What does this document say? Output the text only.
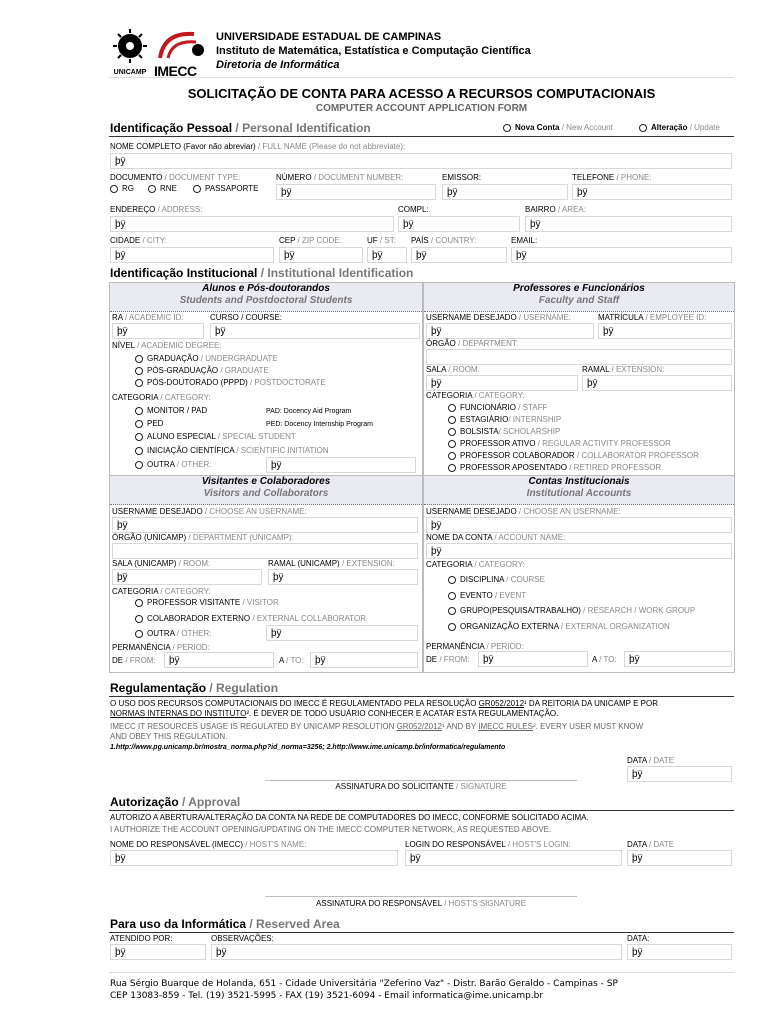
UNICAMP IMECC
UNIVERSIDADE ESTADUAL DE CAMPINAS
Instituto de Matemática, Estatística e Computação Científica
Diretoria de Informática
SOLICITAÇÃO DE CONTA PARA ACESSO A RECURSOS COMPUTACIONAIS
COMPUTER ACCOUNT APPLICATION FORM
Identificação Pessoal / Personal Identification	Nova Conta / New Account	Alteração / Update
NOME COMPLETO (Favor não abreviar) / FULL NAME (Please do not abbreviate):
þÿ
DOCUMENTO / DOCUMENT TYPE:
RG	RNE	PASSAPORTE
NÚMERO / DOCUMENT NUMBER:
þÿ
EMISSOR:
þÿ
TELEFONE / PHONE:
þÿ
ENDEREÇO / ADDRESS:
þÿ
COMPL:
þÿ
BAIRRO / AREA:
þÿ
CIDADE / CITY:
þÿ
CEP / ZIP CODE:
þÿ
UF / ST:
þÿ
PAÍS / COUNTRY:
þÿ
EMAIL:
þÿ
Identificação Institucional / Institutional Identification
Alunos e Pós-doutorandos
Students and Postdoctoral Students
RA / ACADEMIC ID:
þÿ
CURSO / COURSE:
þÿ
NÍVEL / ACADEMIC DEGREE:
GRADUAÇÃO / UNDERGRADUATE
PÓS-GRADUAÇÃO / GRADUATE
PÓS-DOUTORADO (PPPD) / POSTDOCTORATE
CATEGORIA / CATEGORY:
MONITOR / PAD	PAD: Docency Aid Program
PED	PED: Docency Internship Program
ALUNO ESPECIAL / SPECIAL STUDENT
INICIAÇÃO CIENTÍFICA / SCIENTIFIC INITIATION
OUTRA / OTHER:	þÿ
Professores e Funcionários
Faculty and Staff
USERNAME DESEJADO / USERNAME:
þÿ
MATRÍCULA / EMPLOYEE ID:
þÿ
ÓRGÃO / DEPARTMENT:
SALA / ROOM:
þÿ
RAMAL / EXTENSION:
þÿ
CATEGORIA / CATEGORY:
FUNCIONÁRIO / STAFF
ESTAGIÁRIO/ INTERNSHIP
BOLSISTA/ SCHOLARSHIP
PROFESSOR ATIVO / REGULAR ACTIVITY PROFESSOR
PROFESSOR COLABORADOR / COLLABORATOR PROFESSOR
PROFESSOR APOSENTADO / RETIRED PROFESSOR
Visitantes e Colaboradores
Visitors and Collaborators
USERNAME DESEJADO / CHOOSE AN USERNAME:
þÿ
ÓRGÃO (UNICAMP) / DEPARTMENT (UNICAMP):
SALA (UNICAMP) / ROOM:
þÿ
RAMAL (UNICAMP) / EXTENSION:
þÿ
CATEGORIA / CATEGORY:
PROFESSOR VISITANTE / VISITOR
COLABORADOR EXTERNO / EXTERNAL COLLABORATOR
OUTRA / OTHER:	þÿ
PERMANÊNCIA / PERIOD:
DE / FROM:	þÿ	A / TO:	þÿ
Contas Institucionais
Institutional Accounts
USERNAME DESEJADO / CHOOSE AN USERNAME:
þÿ
NOME DA CONTA / ACCOUNT NAME:
þÿ
CATEGORIA / CATEGORY:
DISCIPLINA / COURSE
EVENTO / EVENT
GRUPO(PESQUISA/TRABALHO) / RESEARCH / WORK GROUP
ORGANIZAÇÃO EXTERNA / EXTERNAL ORGANIZATION
PERMANÊNCIA / PERIOD:
DE / FROM:	þÿ	A / TO:	þÿ
Regulamentação / Regulation
O USO DOS RECURSOS COMPUTACIONAIS DO IMECC É REGULAMENTADO PELA RESOLUÇÃO GR052/2012¹ DA REITORIA DA UNICAMP E POR
NORMAS INTERNAS DO INSTITUTO². É DEVER DE TODO USUÁRIO CONHECER E ACATAR ESTA REGULAMENTAÇÃO.
IMECC IT RESOURCES USAGE IS REGULATED BY UNICAMP RESOLUTION GR052/2012¹ AND BY IMECC RULES². EVERY USER MUST KNOW
AND OBEY THIS REGULATION.
1.http://www.pg.unicamp.br/mostra_norma.php?id_norma=3256; 2.http://www.ime.unicamp.br/informatica/regulamento
DATA / DATE
þÿ
ASSINATURA DO SOLICITANTE / SIGNATURE
Autorização / Approval
AUTORIZO A ABERTURA/ALTERAÇÃO DA CONTA NA REDE DE COMPUTADORES DO IMECC, CONFORME SOLICITADO ACIMA.
I AUTHORIZE THE ACCOUNT OPENING/UPDATING ON THE IMECC COMPUTER NETWORK, AS REQUESTED ABOVE.
NOME DO RESPONSÁVEL (IMECC) / HOST'S NAME:
þÿ
LOGIN DO RESPONSÁVEL / HOST'S LOGIN:
þÿ
DATA / DATE
þÿ
ASSINATURA DO RESPONSÁVEL / HOST'S SIGNATURE
Para uso da Informática / Reserved Area
ATENDIDO POR:
þÿ
OBSERVAÇÕES:
þÿ
DATA:
þÿ
Rua Sérgio Buarque de Holanda, 651 - Cidade Universitária "Zeferino Vaz" - Distr. Barão Geraldo - Campinas - SP
CEP 13083-859 - Tel. (19) 3521-5995 - FAX (19) 3521-6094 - Email informatica@ime.unicamp.br
